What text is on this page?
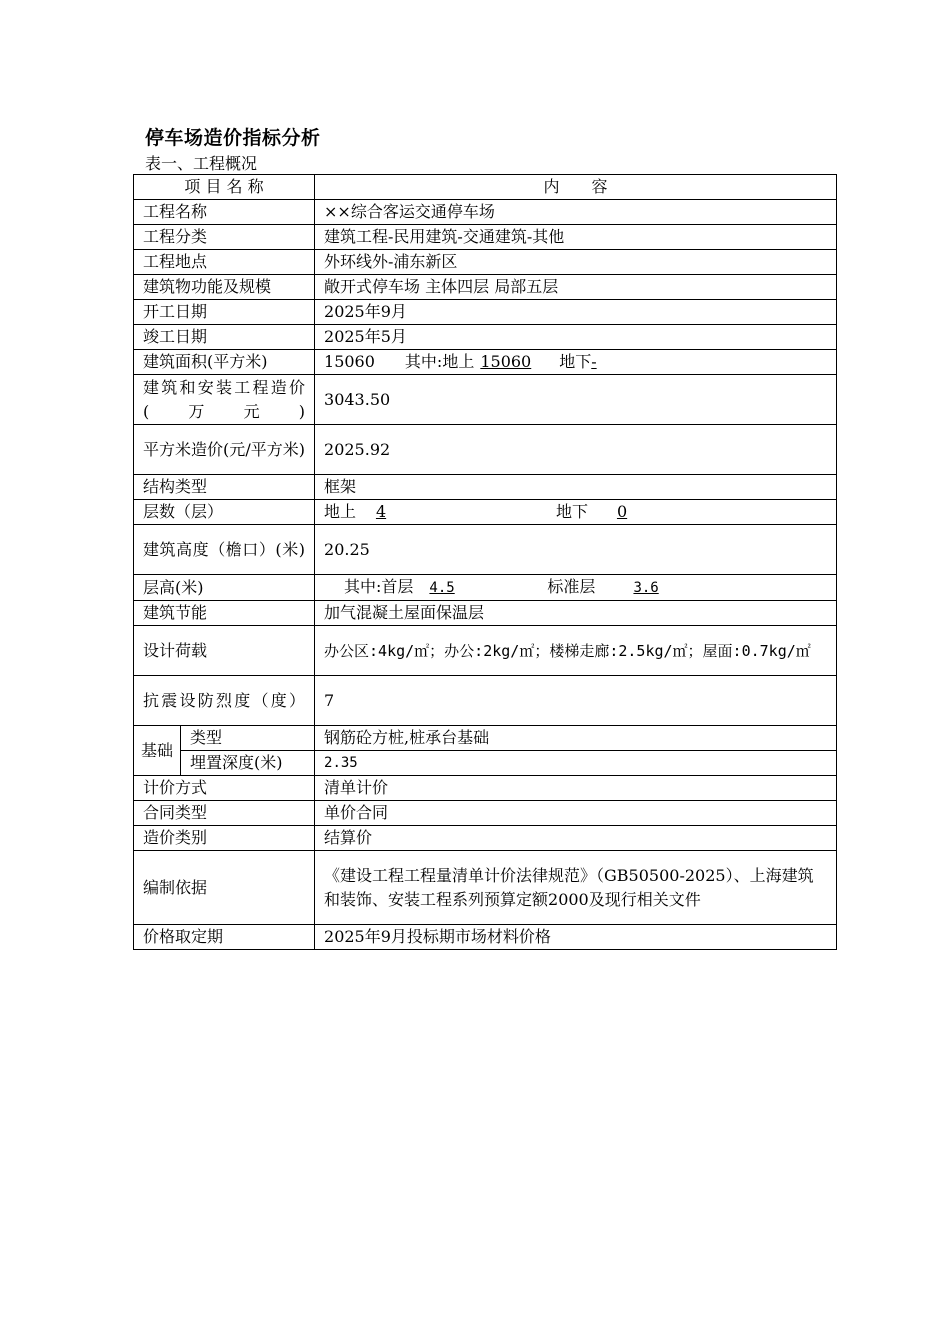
停车场造价指标分析
表一、工程概况
项 目 名 称		内　　容
工程名称		××综合客运交通停车场
工程分类		建筑工程-民用建筑-交通建筑-其他
工程地点		外环线外-浦东新区
建筑物功能及规模		敞开式停车场 主体四层 局部五层
开工日期		2025年9月
竣工日期		2025年5月
建筑面积(平方米)		15060 其中:地上 15060 地下-
建筑和安装工程造价(万元)		3043.50
平方米造价(元/平方米)		2025.92
结构类型		框架
层数（层）		地上 4 地下 0
建筑高度（檐口）(米)		20.25
层高(米)		其中:首层 4.5 标准层 3.6
建筑节能		加气混凝土屋面保温层
设计荷载		办公区:4kg/㎡；办公:2kg/㎡；楼梯走廊:2.5kg/㎡；屋面:0.7kg/㎡
抗震设防烈度（度）		7
基础	类型	钢筋砼方桩,桩承台基础
	埋置深度(米)	2.35
计价方式		清单计价
合同类型		单价合同
造价类别		结算价
编制依据		《建设工程工程量清单计价法律规范》（GB50500-2025）、上海建筑和装饰、安装工程系列预算定额2000及现行相关文件
价格取定期		2025年9月投标期市场材料价格
